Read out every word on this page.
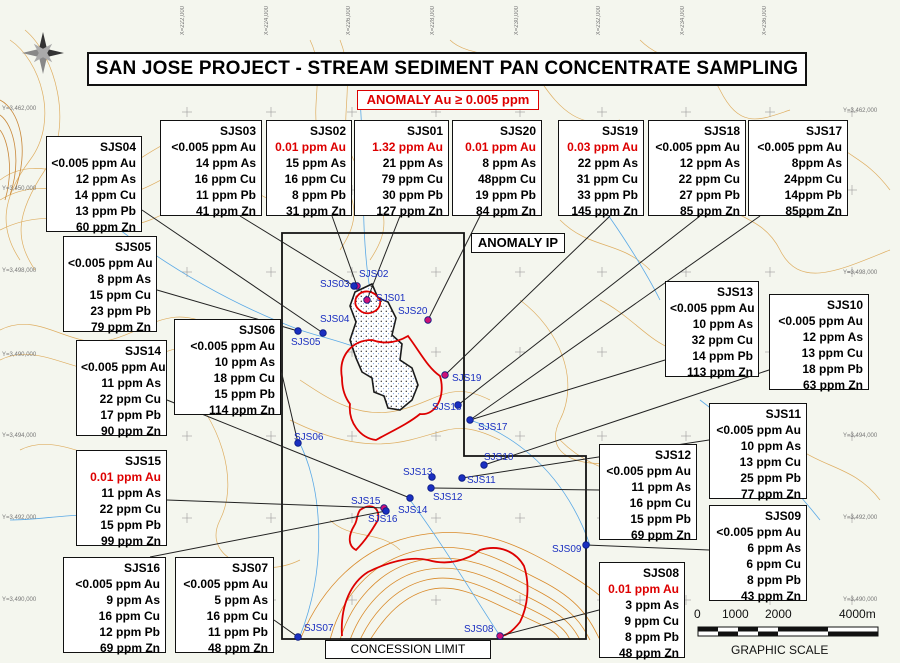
X=222,000	X=224,000	X=226,000	X=228,000	X=230,000	X=232,000	X=234,000	X=236,000
Y=3,462,000
Y=3,450,000
Y=3,498,000
Y=3,490,000
Y=3,494,000
Y=3,492,000
Y=3,490,000
Y=3,462,000
Y=3,498,000
Y=3,494,000
Y=3,492,000
Y=3,490,000
SAN JOSE PROJECT - STREAM SEDIMENT PAN CONCENTRATE SAMPLING
ANOMALY Au ≥ 0.005 ppm
ANOMALY IP
CONCESSION LIMIT
SJS01
1.32 ppm Au
21 ppm As
79 ppm Cu
30 ppm Pb
127 ppm Zn
SJS02
0.01 ppm Au
15 ppm As
16 ppm Cu
8 ppm Pb
31 ppm Zn
SJS03
<0.005 ppm Au
14 ppm As
16 ppm Cu
11 ppm Pb
41 ppm Zn
SJS04
<0.005 ppm Au
12 ppm As
14 ppm Cu
13 ppm Pb
60 ppm Zn
SJS05
<0.005 ppm Au
8 ppm As
15 ppm Cu
23 ppm Pb
79 ppm Zn	SJS06
<0.005 ppm Au
10 ppm As
18 ppm Cu
15 ppm Pb
114 ppm Zn
SJS07
<0.005 ppm Au
5 ppm As
16 ppm Cu
11 ppm Pb
48 ppm Zn
SJS08
0.01 ppm Au
3 ppm As
9 ppm Cu
8 ppm Pb
48 ppm Zn
SJS09
<0.005 ppm Au
6 ppm As
6 ppm Cu
8 ppm Pb
43 ppm Zn
SJS10
<0.005 ppm Au
12 ppm As
13 ppm Cu
18 ppm Pb
63 ppm Zn
SJS11
<0.005 ppm Au
10 ppm As
13 ppm Cu
25 ppm Pb
77 ppm Zn
SJS12
<0.005 ppm Au
11 ppm As
16 ppm Cu
15 ppm Pb
69 ppm Zn
SJS13
<0.005 ppm Au
10 ppm As
32 ppm Cu
14 ppm Pb
113 ppm Zn
SJS14
<0.005 ppm Au
11 ppm As
22 ppm Cu
17 ppm Pb
90 ppm Zn
SJS15
0.01 ppm Au
11 ppm As
22 ppm Cu
15 ppm Pb
99 ppm Zn
SJS16
<0.005 ppm Au
9 ppm As
16 ppm Cu
12 ppm Pb
69 ppm Zn
SJS17
<0.005 ppm Au
8ppm As
24ppm Cu
14ppm Pb
85ppm Zn
SJS18
<0.005 ppm Au
12 ppm As
22 ppm Cu
27 ppm Pb
85 ppm Zn
SJS19
0.03 ppm Au
22 ppm As
31 ppm Cu
33 ppm Pb
145 ppm Zn
SJS20
0.01 ppm Au
8 ppm As
48ppm Cu
19 ppm Pb
84 ppm Zn
SJS01
SJS02
SJS03
SJS04
SJS05
SJS06
SJS07	SJS08
SJS09
SJS10
SJS11
SJS12
SJS13
SJS14
SJS15
SJS16
SJS17
SJS18
SJS19
SJS20
0 1000 2000	4000m
GRAPHIC SCALE
